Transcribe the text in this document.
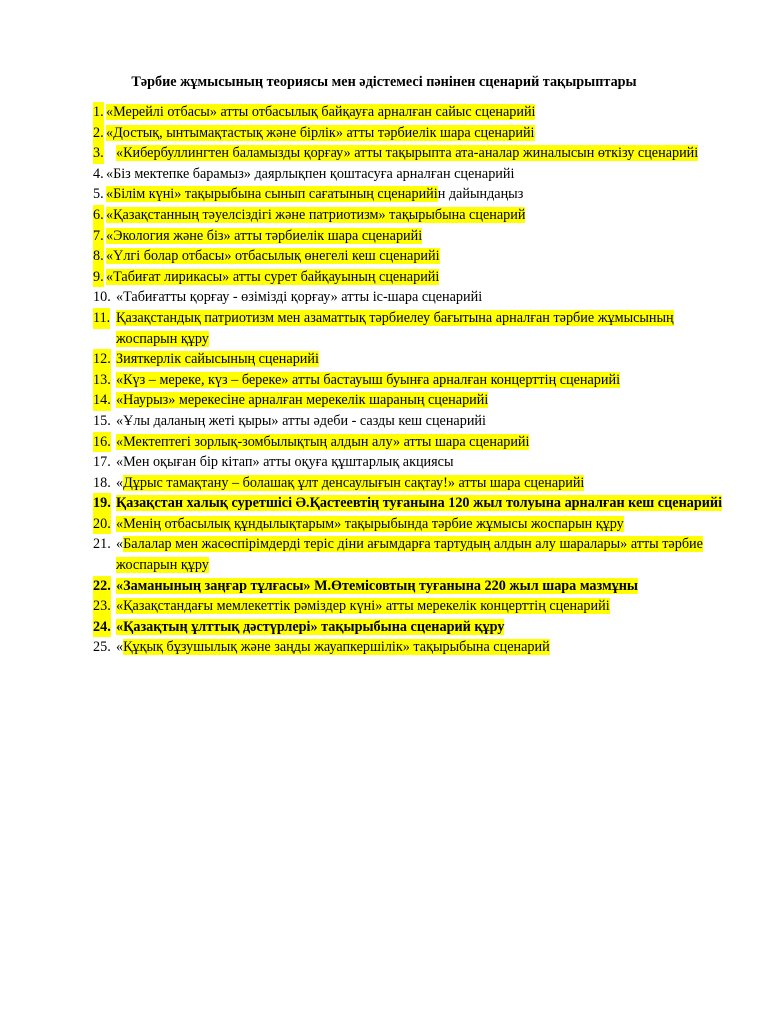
Тәрбие жұмысының теориясы мен әдістемесі пәнінен сценарий тақырыптары
1. «Мерейлі отбасы» атты отбасылық байқауға арналған сайыс сценарийі
2. «Достық, ынтымақтастық және бірлік» атты тәрбиелік шара сценарийі
3. «Кибербуллингтен баламызды қорғау» атты тақырыпта ата-аналар жиналысын өткізу сценарийі
4. «Біз мектепке барамыз» даярлықпен қоштасуға арналған сценарийі
5. «Білім күні» тақырыбына сынып сағатының сценарийін дайындаңыз
6. «Қазақстанның тәуелсіздігі және патриотизм» тақырыбына сценарий
7. «Экология және біз» атты тәрбиелік шара сценарийі
8. «Үлгі болар отбасы» отбасылық өнегелі кеш сценарийі
9. «Табиғат лирикасы» атты сурет байқауының сценарийі
10. «Табиғатты қорғау - өзімізді қорғау» атты іс-шара сценарийі
11. Қазақстандық патриотизм мен азаматтық тәрбиелеу бағытына арналған тәрбие жұмысының жоспарын құру
12. Зияткерлік сайысының сценарийі
13. «Күз – мереке, күз – береке» атты бастауыш буынға арналған концерттің сценарийі
14. «Наурыз» мерекесіне арналған мерекелік шараның сценарийі
15. «Ұлы даланың жеті қыры» атты әдеби - сазды кеш сценарийі
16. «Мектептегі зорлық-зомбылықтың алдын алу» атты шара сценарийі
17. «Мен оқыған бір кітап» атты оқуға құштарлық акциясы
18. «Дұрыс тамақтану – болашақ ұлт денсаулығын сақтау!» атты шара сценарийі
19. Қазақстан халық суретшісі Ә.Қастеевтің туғанына 120 жыл толуына арналған кеш сценарийі
20. «Менің отбасылық құндылықтарым» тақырыбында тәрбие жұмысы жоспарын құру
21. «Балалар мен жасөспірімдерді теріс діни ағымдарға тартудың алдын алу шаралары» атты тәрбие жоспарын құру
22. «Заманының заңғар тұлғасы» М.Өтемісовтың туғанына 220 жыл шара мазмұны
23. «Қазақстандағы мемлекеттік рәміздер күні» атты мерекелік концерттің сценарийі
24. «Қазақтың ұлттық дәстүрлері» тақырыбына сценарий құру
25. «Құқық бұзушылық және заңды жауапкершілік» тақырыбына сценарий
